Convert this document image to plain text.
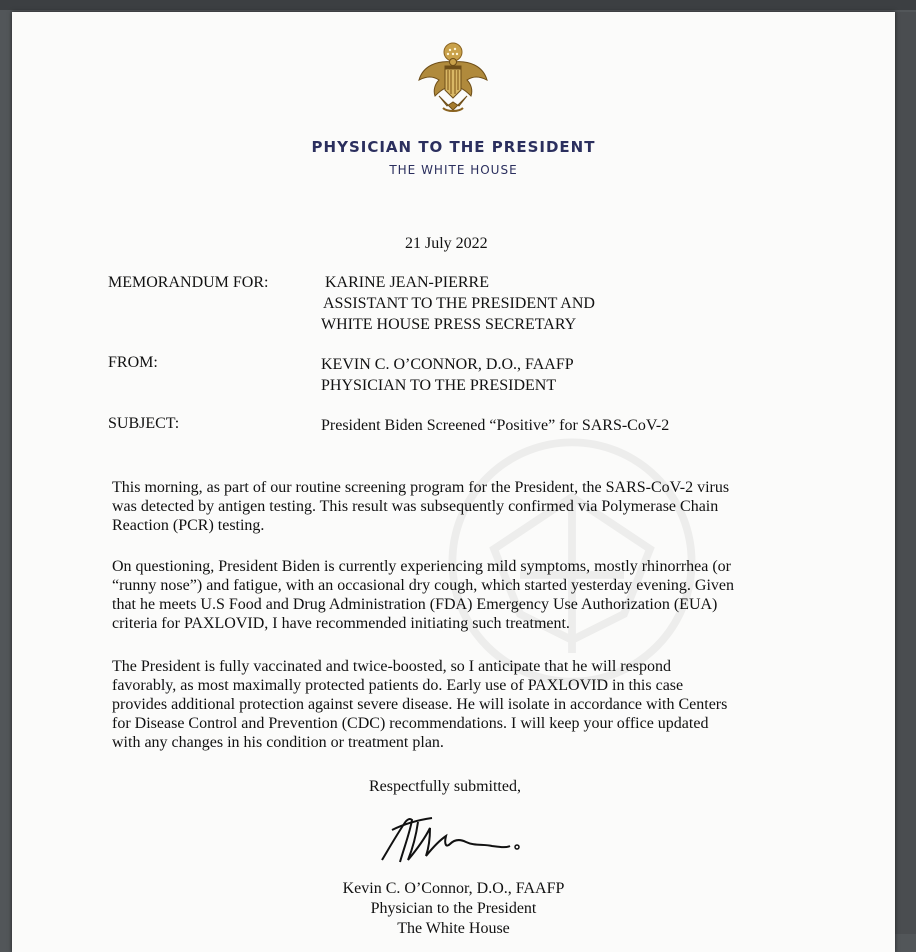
PHYSICIAN TO THE PRESIDENT
THE WHITE HOUSE
21 July 2022
MEMORANDUM FOR:	KARINE JEAN-PIERRE
ASSISTANT TO THE PRESIDENT AND
WHITE HOUSE PRESS SECRETARY
FROM:	KEVIN C. O’CONNOR, D.O., FAAFP
PHYSICIAN TO THE PRESIDENT
SUBJECT:	President Biden Screened “Positive” for SARS-CoV-2
This morning, as part of our routine screening program for the President, the SARS-CoV-2 virus
was detected by antigen testing. This result was subsequently confirmed via Polymerase Chain
Reaction (PCR) testing.
On questioning, President Biden is currently experiencing mild symptoms, mostly rhinorrhea (or
“runny nose”) and fatigue, with an occasional dry cough, which started yesterday evening. Given
that he meets U.S Food and Drug Administration (FDA) Emergency Use Authorization (EUA)
criteria for PAXLOVID, I have recommended initiating such treatment.
The President is fully vaccinated and twice-boosted, so I anticipate that he will respond
favorably, as most maximally protected patients do. Early use of PAXLOVID in this case
provides additional protection against severe disease. He will isolate in accordance with Centers
for Disease Control and Prevention (CDC) recommendations. I will keep your office updated
with any changes in his condition or treatment plan.
Respectfully submitted,
Kevin C. O’Connor, D.O., FAAFP
Physician to the President
The White House
